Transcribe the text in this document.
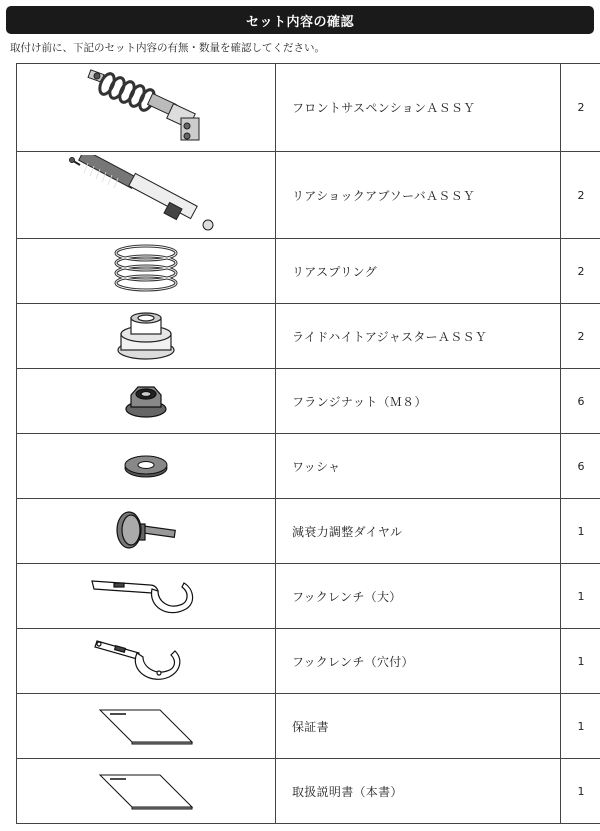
セット内容の確認
取付け前に、下記のセット内容の有無・数量を確認してください。
	フロントサスペンションＡＳＳＹ	2

	リアショックアブソーバＡＳＳＹ	2

	リアスプリング	2

	ライドハイトアジャスターＡＳＳＹ	2

	フランジナット（Ｍ８）	6

	ワッシャ	6

	減衰力調整ダイヤル	1

	フックレンチ（大）	1

	フックレンチ（穴付）	1

	保証書	1

	取扱説明書（本書）	1
